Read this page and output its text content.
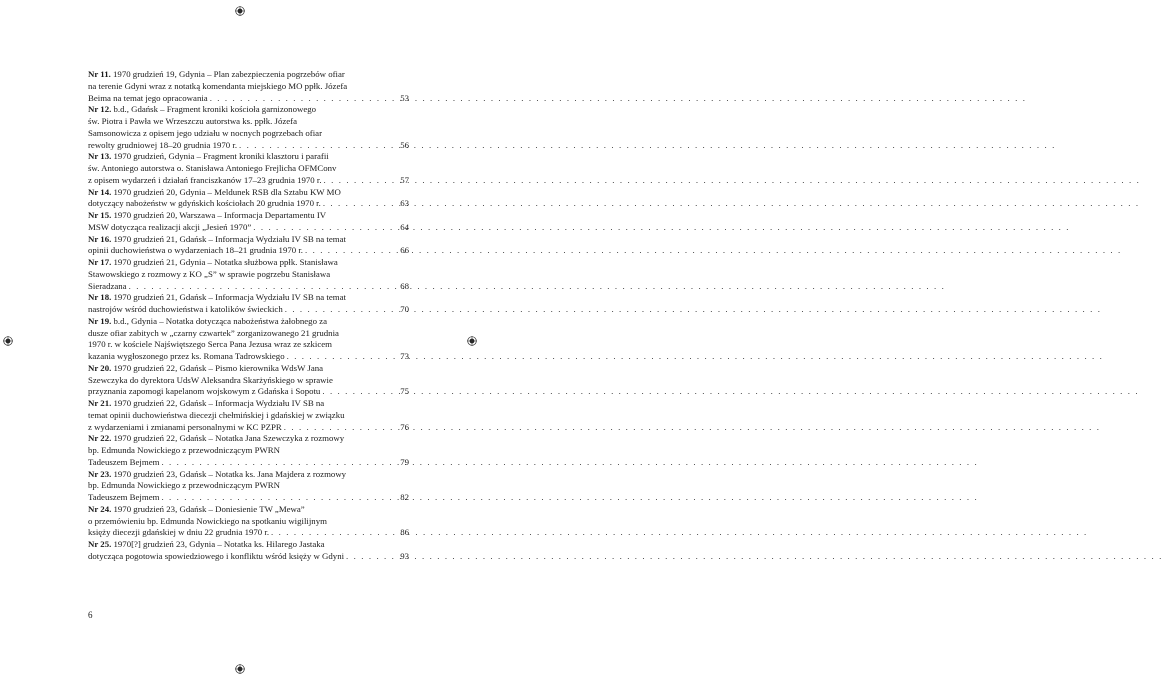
Nr 11.
1970 grudzień 19, Gdynia – Plan zabezpieczenia pogrzebów ofiar
na terenie Gdyni wraz z notatką komendanta miejskiego MO ppłk. Józefa
Beima na temat jego opracowania . . .	53
Nr 12.
b.d., Gdańsk – Fragment kroniki kościoła garnizonowego
św. Piotra i Pawła we Wrzeszczu autorstwa ks. ppłk. Józefa
Samsonowicza z opisem jego udziału w nocnych pogrzebach ofiar
rewolty grudniowej 18–20 grudnia 1970 r. . . .	56
Nr 13.
1970 grudzień, Gdynia – Fragment kroniki klasztoru i parafii
św. Antoniego autorstwa o. Stanisława Antoniego Frejlicha OFMConv
z opisem wydarzeń i działań franciszkanów 17–23 grudnia 1970 r. . . .	57
Nr 14.
1970 grudzień 20, Gdynia – Meldunek RSB dla Sztabu KW MO
dotyczący nabożeństw w gdyńskich kościołach 20 grudnia 1970 r. . . .	63
Nr 15.
1970 grudzień 20, Warszawa – Informacja Departamentu IV
MSW dotycząca realizacji akcji „Jesień 1970” . . .	64
Nr 16.
1970 grudzień 21, Gdańsk – Informacja Wydziału IV SB na temat
opinii duchowieństwa o wydarzeniach 18–21 grudnia 1970 r. . . .	66
Nr 17.
1970 grudzień 21, Gdynia – Notatka służbowa ppłk. Stanisława
Stawowskiego z rozmowy z KO „S” w sprawie pogrzebu Stanisława
Sieradzana . . .	68
Nr 18.
1970 grudzień 21, Gdańsk – Informacja Wydziału IV SB na temat
nastrojów wśród duchowieństwa i katolików świeckich . . .	70
Nr 19.
b.d., Gdynia – Notatka dotycząca nabożeństwa żałobnego za
dusze ofiar zabitych w „czarny czwartek” zorganizowanego 21 grudnia
1970 r. w kościele Najświętszego Serca Pana Jezusa wraz ze szkicem
kazania wygłoszonego przez ks. Romana Tadrowskiego . . .	73
Nr 20.
1970 grudzień 22, Gdańsk – Pismo kierownika WdsW Jana
Szewczyka do dyrektora UdsW Aleksandra Skarżyńskiego w sprawie
przyznania zapomogi kapelanom wojskowym z Gdańska i Sopotu . . .	75
Nr 21.
1970 grudzień 22, Gdańsk – Informacja Wydziału IV SB na
temat opinii duchowieństwa diecezji chełmińskiej i gdańskiej w związku
z wydarzeniami i zmianami personalnymi w KC PZPR . . .	76
Nr 22.
1970 grudzień 22, Gdańsk – Notatka Jana Szewczyka z rozmowy
bp. Edmunda Nowickiego z przewodniczącym PWRN
Tadeuszem Bejmem . . .	79
Nr 23.
1970 grudzień 23, Gdańsk – Notatka ks. Jana Majdera z rozmowy
bp. Edmunda Nowickiego z przewodniczącym PWRN
Tadeuszem Bejmem . . .	82
Nr 24.
1970 grudzień 23, Gdańsk – Doniesienie TW „Mewa”
o przemówieniu bp. Edmunda Nowickiego na spotkaniu wigilijnym
księży diecezji gdańskiej w dniu 22 grudnia 1970 r. . . .	86
Nr 25.
1970[?] grudzień 23, Gdynia – Notatka ks. Hilarego Jastaka
dotycząca pogotowia spowiedziowego i konfliktu wśród księży w Gdyni . . .	93
6
